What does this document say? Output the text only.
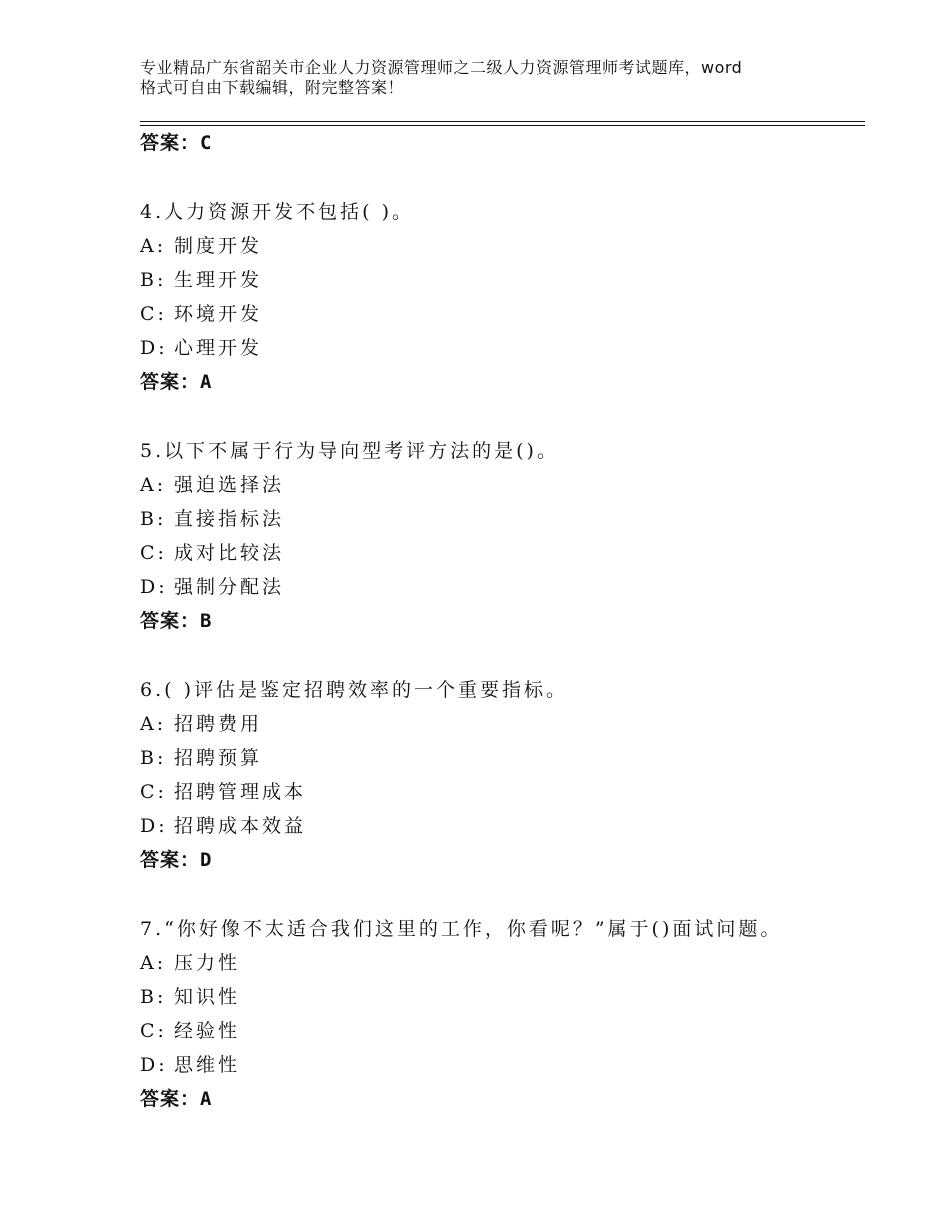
专业精品广东省韶关市企业人力资源管理师之二级人力资源管理师考试题库，word
格式可自由下载编辑，附完整答案！
答案：C
4.人力资源开发不包括( )。
A: 制度开发
B: 生理开发
C: 环境开发
D: 心理开发
答案：A
5.以下不属于行为导向型考评方法的是()。
A: 强迫选择法
B: 直接指标法
C: 成对比较法
D: 强制分配法
答案：B
6.( )评估是鉴定招聘效率的一个重要指标。
A: 招聘费用
B: 招聘预算
C: 招聘管理成本
D: 招聘成本效益
答案：D
7.“你好像不太适合我们这里的工作，你看呢？”属于()面试问题。
A: 压力性
B: 知识性
C: 经验性
D: 思维性
答案：A
